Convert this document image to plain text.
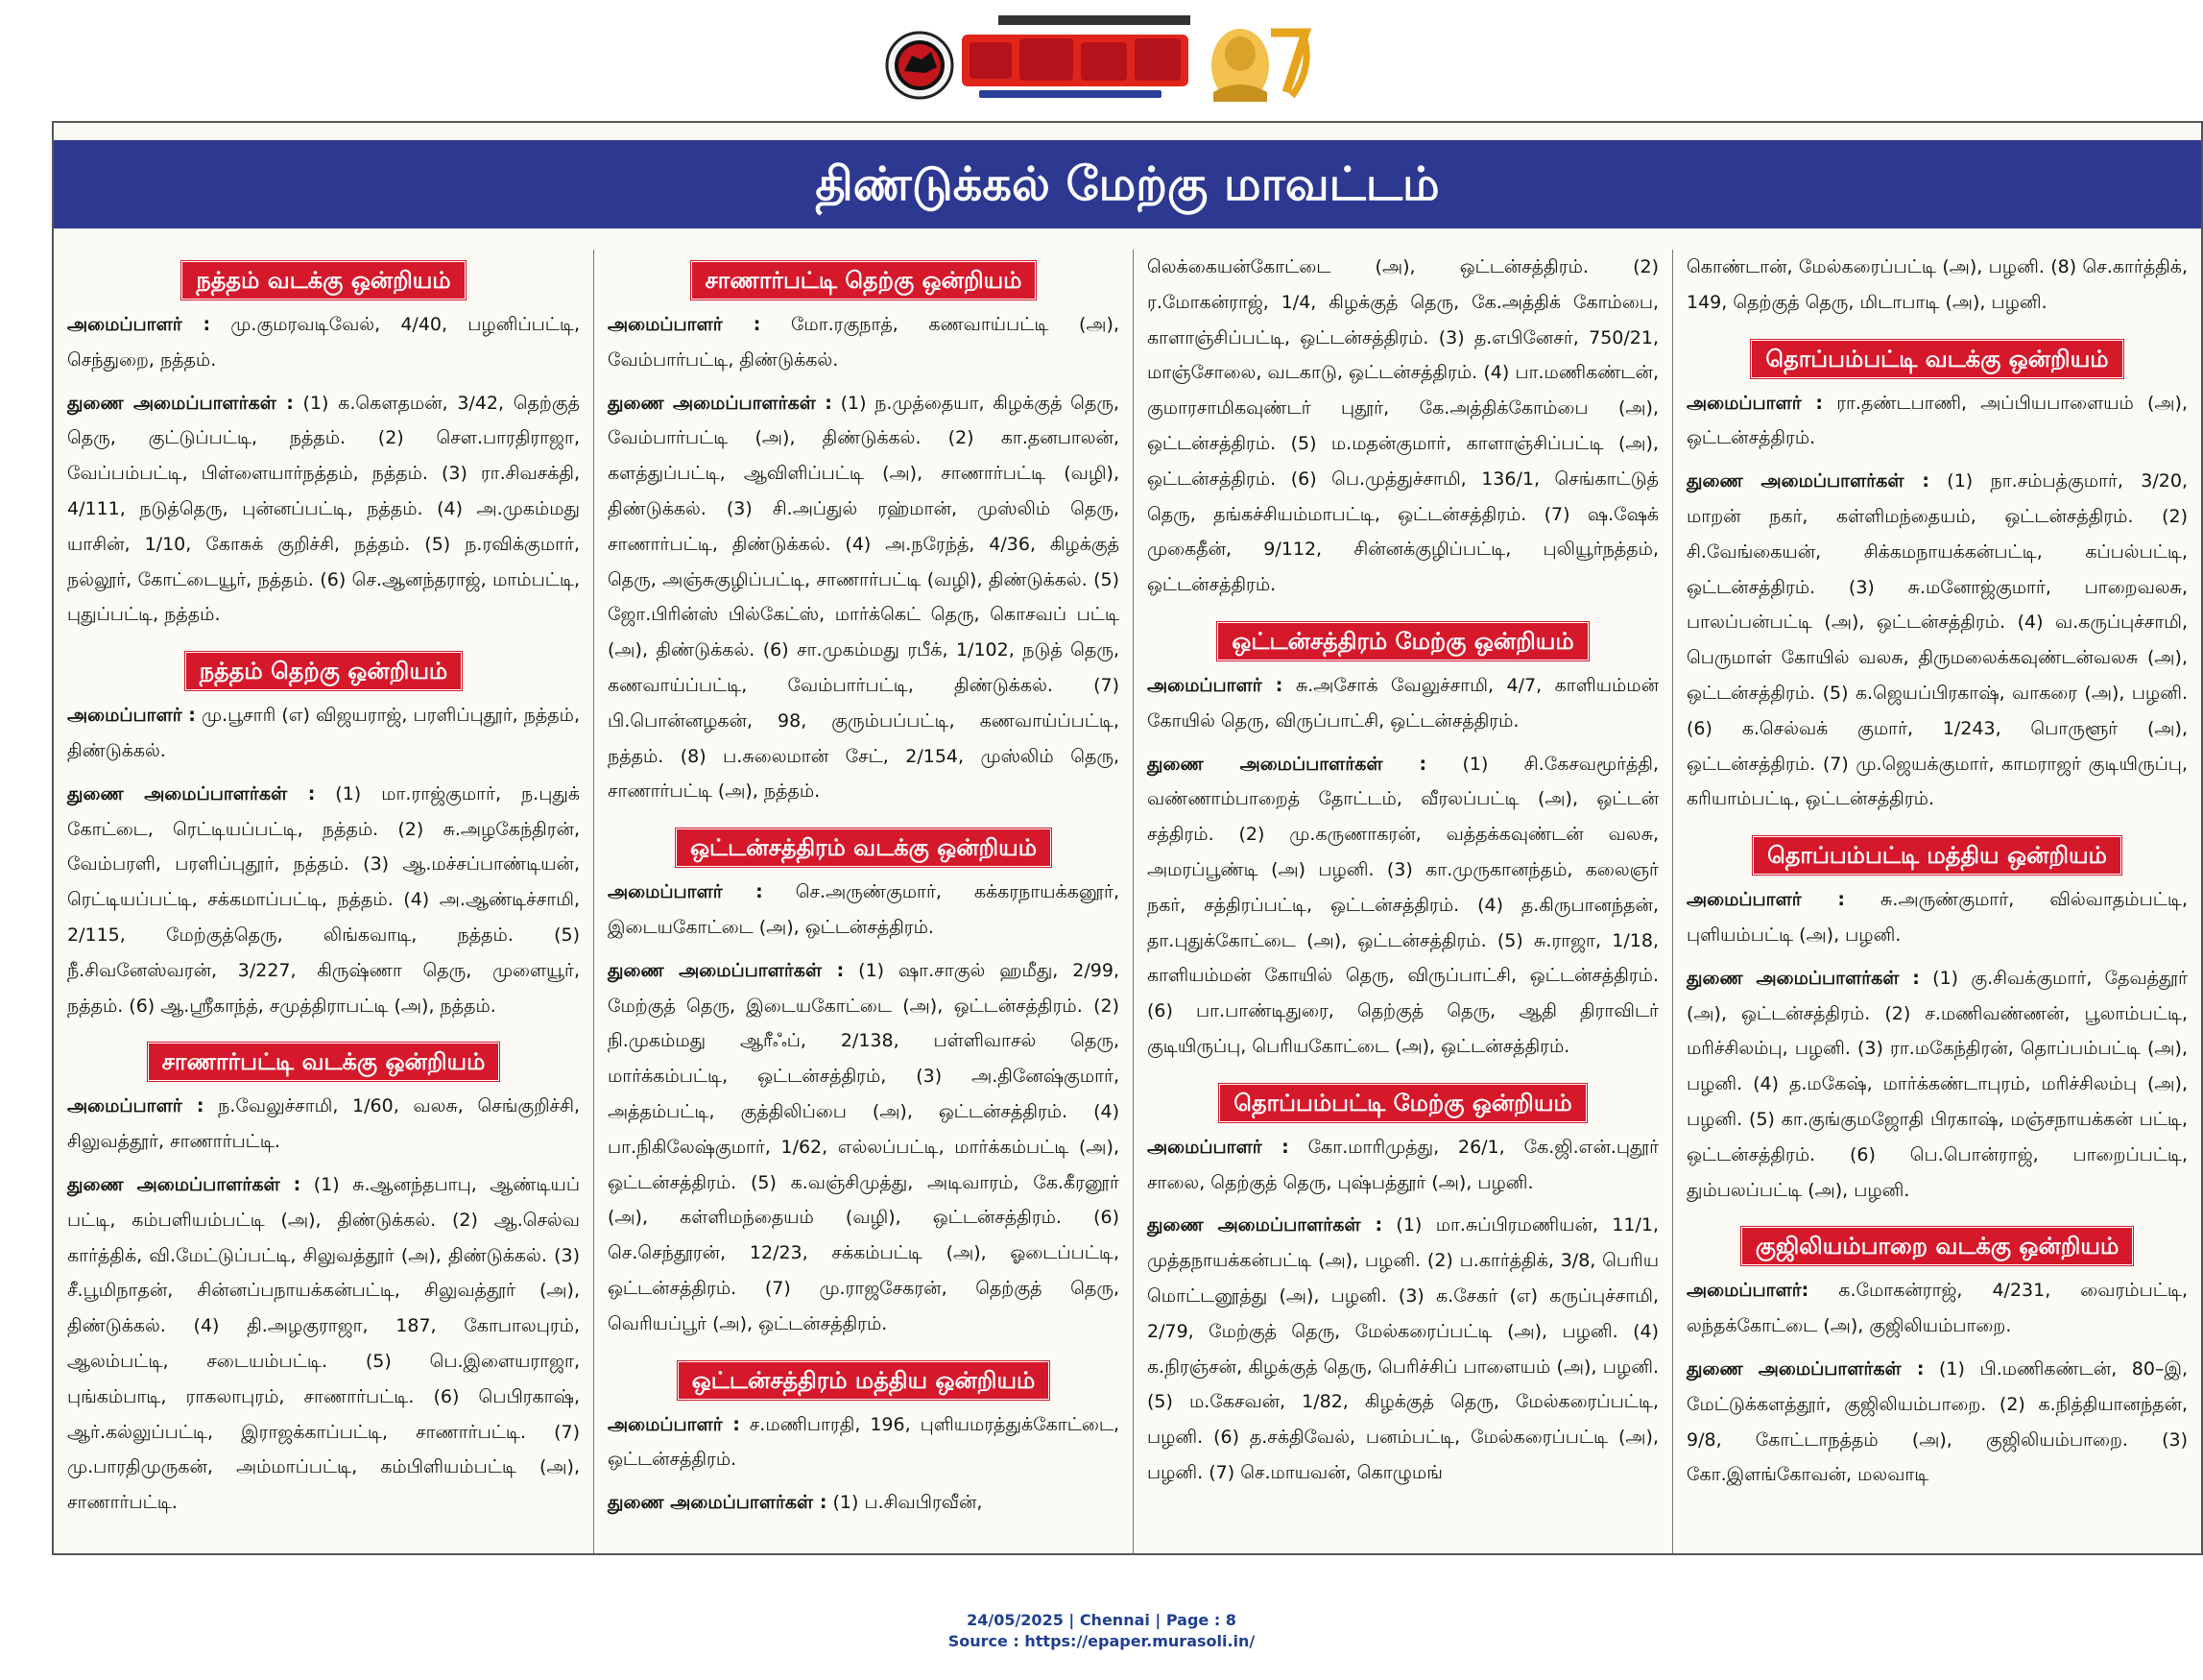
திண்டுக்கல் மேற்கு மாவட்டம்
நத்தம் வடக்கு ஒன்றியம்

அமைப்பாளர் : மு.குமரவடிவேல், 4/40, பழனிப்பட்டி, செந்துறை, நத்தம்.

துணை அமைப்பாளர்கள் : (1) க.கௌதமன், 3/42, தெற்குத் தெரு, குட்டுப்பட்டி, நத்தம். (2) சௌ.பாரதிராஜா, வேப்பம்பட்டி, பிள்ளையார்நத்தம், நத்தம். (3) ரா.சிவசக்தி, 4/111, நடுத்தெரு, புன்னப்பட்டி, நத்தம். (4) அ.முகம்மது யாசின், 1/10, கோசுக் குறிச்சி, நத்தம். (5) ந.ரவிக்குமார், நல்லூர், கோட்டையூர், நத்தம். (6) செ.ஆனந்தராஜ், மாம்பட்டி, புதுப்பட்டி, நத்தம்.

நத்தம் தெற்கு ஒன்றியம்

அமைப்பாளர் : மு.பூசாரி (எ) விஜயராஜ், பரளிப்புதூர், நத்தம், திண்டுக்கல்.

துணை அமைப்பாளர்கள் : (1) மா.ராஜ்குமார், ந.புதுக் கோட்டை, ரெட்டியப்பட்டி, நத்தம். (2) சு.அழகேந்திரன், வேம்பரளி, பரளிப்புதூர், நத்தம். (3) ஆ.மச்சப்பாண்டியன், ரெட்டியப்பட்டி, சக்கமாப்பட்டி, நத்தம். (4) அ.ஆண்டிச்சாமி, 2/115, மேற்குத்தெரு, லிங்கவாடி, நத்தம். (5) நீ.சிவனேஸ்வரன், 3/227, கிருஷ்ணா தெரு, முளையூர், நத்தம். (6) ஆ.ஸ்ரீகாந்த், சமுத்திராபட்டி (அ), நத்தம்.

சாணார்பட்டி வடக்கு ஒன்றியம்

அமைப்பாளர் : ந.வேலுச்சாமி, 1/60, வலசு, செங்குறிச்சி, சிலுவத்தூர், சாணார்பட்டி.

துணை அமைப்பாளர்கள் : (1) சு.ஆனந்தபாபு, ஆண்டியப் பட்டி, கம்பளியம்பட்டி (அ), திண்டுக்கல். (2) ஆ.செல்வ கார்த்திக், வி.மேட்டுப்பட்டி, சிலுவத்தூர் (அ), திண்டுக்கல். (3) சீ.பூமிநாதன், சின்னப்பநாயக்கன்பட்டி, சிலுவத்தூர் (அ), திண்டுக்கல். (4) தி.அழகுராஜா, 187, கோபாலபுரம், ஆலம்பட்டி, சடையம்பட்டி. (5) பெ.இளையராஜா, புங்கம்பாடி, ராகலாபுரம், சாணார்பட்டி. (6) பெபிரகாஷ், ஆர்.கல்லுப்பட்டி, இராஜக்காப்பட்டி, சாணார்பட்டி. (7) மு.பாரதிமுருகன், அம்மாப்பட்டி, கம்பிளியம்பட்டி (அ), சாணார்பட்டி.

சாணார்பட்டி தெற்கு ஒன்றியம்

அமைப்பாளர் : மோ.ரகுநாத், கணவாய்பட்டி (அ), வேம்பார்பட்டி, திண்டுக்கல்.

துணை அமைப்பாளர்கள் : (1) ந.முத்தையா, கிழக்குத் தெரு, வேம்பார்பட்டி (அ), திண்டுக்கல். (2) கா.தனபாலன், களத்துப்பட்டி, ஆவிளிப்பட்டி (அ), சாணார்பட்டி (வழி), திண்டுக்கல். (3) சி.அப்துல் ரஹ்மான், முஸ்லிம் தெரு, சாணார்பட்டி, திண்டுக்கல். (4) அ.நரேந்த், 4/36, கிழக்குத் தெரு, அஞ்சுகுழிப்பட்டி, சாணார்பட்டி (வழி), திண்டுக்கல். (5) ஜோ.பிரின்ஸ் பில்கேட்ஸ், மார்க்கெட் தெரு, கொசவப் பட்டி (அ), திண்டுக்கல். (6) சா.முகம்மது ரபீக், 1/102, நடுத் தெரு, கணவாய்ப்பட்டி, வேம்பார்பட்டி, திண்டுக்கல். (7) பி.பொன்னழகன், 98, குரும்பப்பட்டி, கணவாய்ப்பட்டி, நத்தம். (8) ப.சுலைமான் சேட், 2/154, முஸ்லிம் தெரு, சாணார்பட்டி (அ), நத்தம்.

ஒட்டன்சத்திரம் வடக்கு ஒன்றியம்

அமைப்பாளர் : செ.அருண்குமார், கக்கரநாயக்கனூர், இடையகோட்டை (அ), ஒட்டன்சத்திரம்.

துணை அமைப்பாளர்கள் : (1) ஷா.சாகுல் ஹமீது, 2/99, மேற்குத் தெரு, இடையகோட்டை (அ), ஒட்டன்சத்திரம். (2) நி.முகம்மது ஆரீஃப், 2/138, பள்ளிவாசல் தெரு, மார்க்கம்பட்டி, ஒட்டன்சத்திரம், (3) அ.தினேஷ்குமார், அத்தம்பட்டி, குத்திலிப்பை (அ), ஒட்டன்சத்திரம். (4) பா.நிகிலேஷ்குமார், 1/62, எல்லப்பட்டி, மார்க்கம்பட்டி (அ), ஒட்டன்சத்திரம். (5) க.வஞ்சிமுத்து, அடிவாரம், கே.கீரனூர் (அ), கள்ளிமந்தையம் (வழி), ஒட்டன்சத்திரம். (6) செ.செந்தூரன், 12/23, சக்கம்பட்டி (அ), ஓடைப்பட்டி, ஒட்டன்சத்திரம். (7) மு.ராஜசேகரன், தெற்குத் தெரு, வெரியப்பூர் (அ), ஒட்டன்சத்திரம்.

ஒட்டன்சத்திரம் மத்திய ஒன்றியம்

அமைப்பாளர் : ச.மணிபாரதி, 196, புளியமரத்துக்கோட்டை, ஒட்டன்சத்திரம்.

துணை அமைப்பாளர்கள் : (1) ப.சிவபிரவீன்,

லெக்கையன்கோட்டை (அ), ஒட்டன்சத்திரம். (2) ர.மோகன்ராஜ், 1/4, கிழக்குத் தெரு, கே.அத்திக் கோம்பை, காளாஞ்சிப்பட்டி, ஒட்டன்சத்திரம். (3) த.எபினேசர், 750/21, மாஞ்சோலை, வடகாடு, ஒட்டன்சத்திரம். (4) பா.மணிகண்டன், குமாரசாமிகவுண்டர் புதூர், கே.அத்திக்கோம்பை (அ), ஒட்டன்சத்திரம். (5) ம.மதன்குமார், காளாஞ்சிப்பட்டி (அ), ஒட்டன்சத்திரம். (6) பெ.முத்துச்சாமி, 136/1, செங்காட்டுத் தெரு, தங்கச்சியம்மாபட்டி, ஒட்டன்சத்திரம். (7) ஷ.ஷேக் முகைதீன், 9/112, சின்னக்குழிப்பட்டி, புலியூர்நத்தம், ஒட்டன்சத்திரம்.

ஒட்டன்சத்திரம் மேற்கு ஒன்றியம்

அமைப்பாளர் : சு.அசோக் வேலுச்சாமி, 4/7, காளியம்மன் கோயில் தெரு, விருப்பாட்சி, ஒட்டன்சத்திரம்.

துணை அமைப்பாளர்கள் : (1) சி.கேசவமூர்த்தி, வண்ணாம்பாறைத் தோட்டம், வீரலப்பட்டி (அ), ஒட்டன் சத்திரம். (2) மு.கருணாகரன், வத்தக்கவுண்டன் வலசு, அமரப்பூண்டி (அ) பழனி. (3) கா.முருகானந்தம், கலைஞர் நகர், சத்திரப்பட்டி, ஒட்டன்சத்திரம். (4) த.கிருபானந்தன், தா.புதுக்கோட்டை (அ), ஒட்டன்சத்திரம். (5) சு.ராஜா, 1/18, காளியம்மன் கோயில் தெரு, விருப்பாட்சி, ஒட்டன்சத்திரம். (6) பா.பாண்டிதுரை, தெற்குத் தெரு, ஆதி திராவிடர் குடியிருப்பு, பெரியகோட்டை (அ), ஒட்டன்சத்திரம்.

தொப்பம்பட்டி மேற்கு ஒன்றியம்

அமைப்பாளர் : கோ.மாரிமுத்து, 26/1, கே.ஜி.என்.புதூர் சாலை, தெற்குத் தெரு, புஷ்பத்தூர் (அ), பழனி.

துணை அமைப்பாளர்கள் : (1) மா.சுப்பிரமணியன், 11/1, முத்தநாயக்கன்பட்டி (அ), பழனி. (2) ப.கார்த்திக், 3/8, பெரிய மொட்டனூத்து (அ), பழனி. (3) க.சேகர் (எ) கருப்புச்சாமி, 2/79, மேற்குத் தெரு, மேல்கரைப்பட்டி (அ), பழனி. (4) க.நிரஞ்சன், கிழக்குத் தெரு, பெரிச்சிப் பாளையம் (அ), பழனி. (5) ம.கேசவன், 1/82, கிழக்குத் தெரு, மேல்கரைப்பட்டி, பழனி. (6) த.சக்திவேல், பனம்பட்டி, மேல்கரைப்பட்டி (அ), பழனி. (7) செ.மாயவன், கொழுமங்

கொண்டான், மேல்கரைப்பட்டி (அ), பழனி. (8) செ.கார்த்திக், 149, தெற்குத் தெரு, மிடாபாடி (அ), பழனி.

தொப்பம்பட்டி வடக்கு ஒன்றியம்

அமைப்பாளர் : ரா.தண்டபாணி, அப்பியபாளையம் (அ), ஒட்டன்சத்திரம்.

துணை அமைப்பாளர்கள் : (1) நா.சம்பத்குமார், 3/20, மாறன் நகர், கள்ளிமந்தையம், ஒட்டன்சத்திரம். (2) சி.வேங்கையன், சிக்கமநாயக்கன்பட்டி, கப்பல்பட்டி, ஒட்டன்சத்திரம். (3) சு.மனோஜ்குமார், பாறைவலசு, பாலப்பன்பட்டி (அ), ஒட்டன்சத்திரம். (4) வ.கருப்புச்சாமி, பெருமாள் கோயில் வலசு, திருமலைக்கவுண்டன்வலசு (அ), ஒட்டன்சத்திரம். (5) க.ஜெயப்பிரகாஷ், வாகரை (அ), பழனி. (6) க.செல்வக் குமார், 1/243, பொருளூர் (அ), ஒட்டன்சத்திரம். (7) மு.ஜெயக்குமார், காமராஜர் குடியிருப்பு, கரியாம்பட்டி, ஒட்டன்சத்திரம்.

தொப்பம்பட்டி மத்திய ஒன்றியம்

அமைப்பாளர் : சு.அருண்குமார், வில்வாதம்பட்டி, புளியம்பட்டி (அ), பழனி.

துணை அமைப்பாளர்கள் : (1) கு.சிவக்குமார், தேவத்தூர் (அ), ஒட்டன்சத்திரம். (2) ச.மணிவண்ணன், பூலாம்பட்டி, மரிச்சிலம்பு, பழனி. (3) ரா.மகேந்திரன், தொப்பம்பட்டி (அ), பழனி. (4) த.மகேஷ், மார்க்கண்டாபுரம், மரிச்சிலம்பு (அ), பழனி. (5) கா.குங்குமஜோதி பிரகாஷ், மஞ்சநாயக்கன் பட்டி, ஒட்டன்சத்திரம். (6) பெ.பொன்ராஜ், பாறைப்பட்டி, தும்பலப்பட்டி (அ), பழனி.

குஜிலியம்பாறை வடக்கு ஒன்றியம்

அமைப்பாளர்: க.மோகன்ராஜ், 4/231, வைரம்பட்டி, லந்தக்கோட்டை (அ), குஜிலியம்பாறை.

துணை அமைப்பாளர்கள் : (1) பி.மணிகண்டன், 80–இ, மேட்டுக்களத்தூர், குஜிலியம்பாறை. (2) க.நித்தியானந்தன், 9/8, கோட்டாநத்தம் (அ), குஜிலியம்பாறை. (3) கோ.இளங்கோவன், மலவாடி

24/05/2025 | Chennai | Page : 8
Source : https://epaper.murasoli.in/
